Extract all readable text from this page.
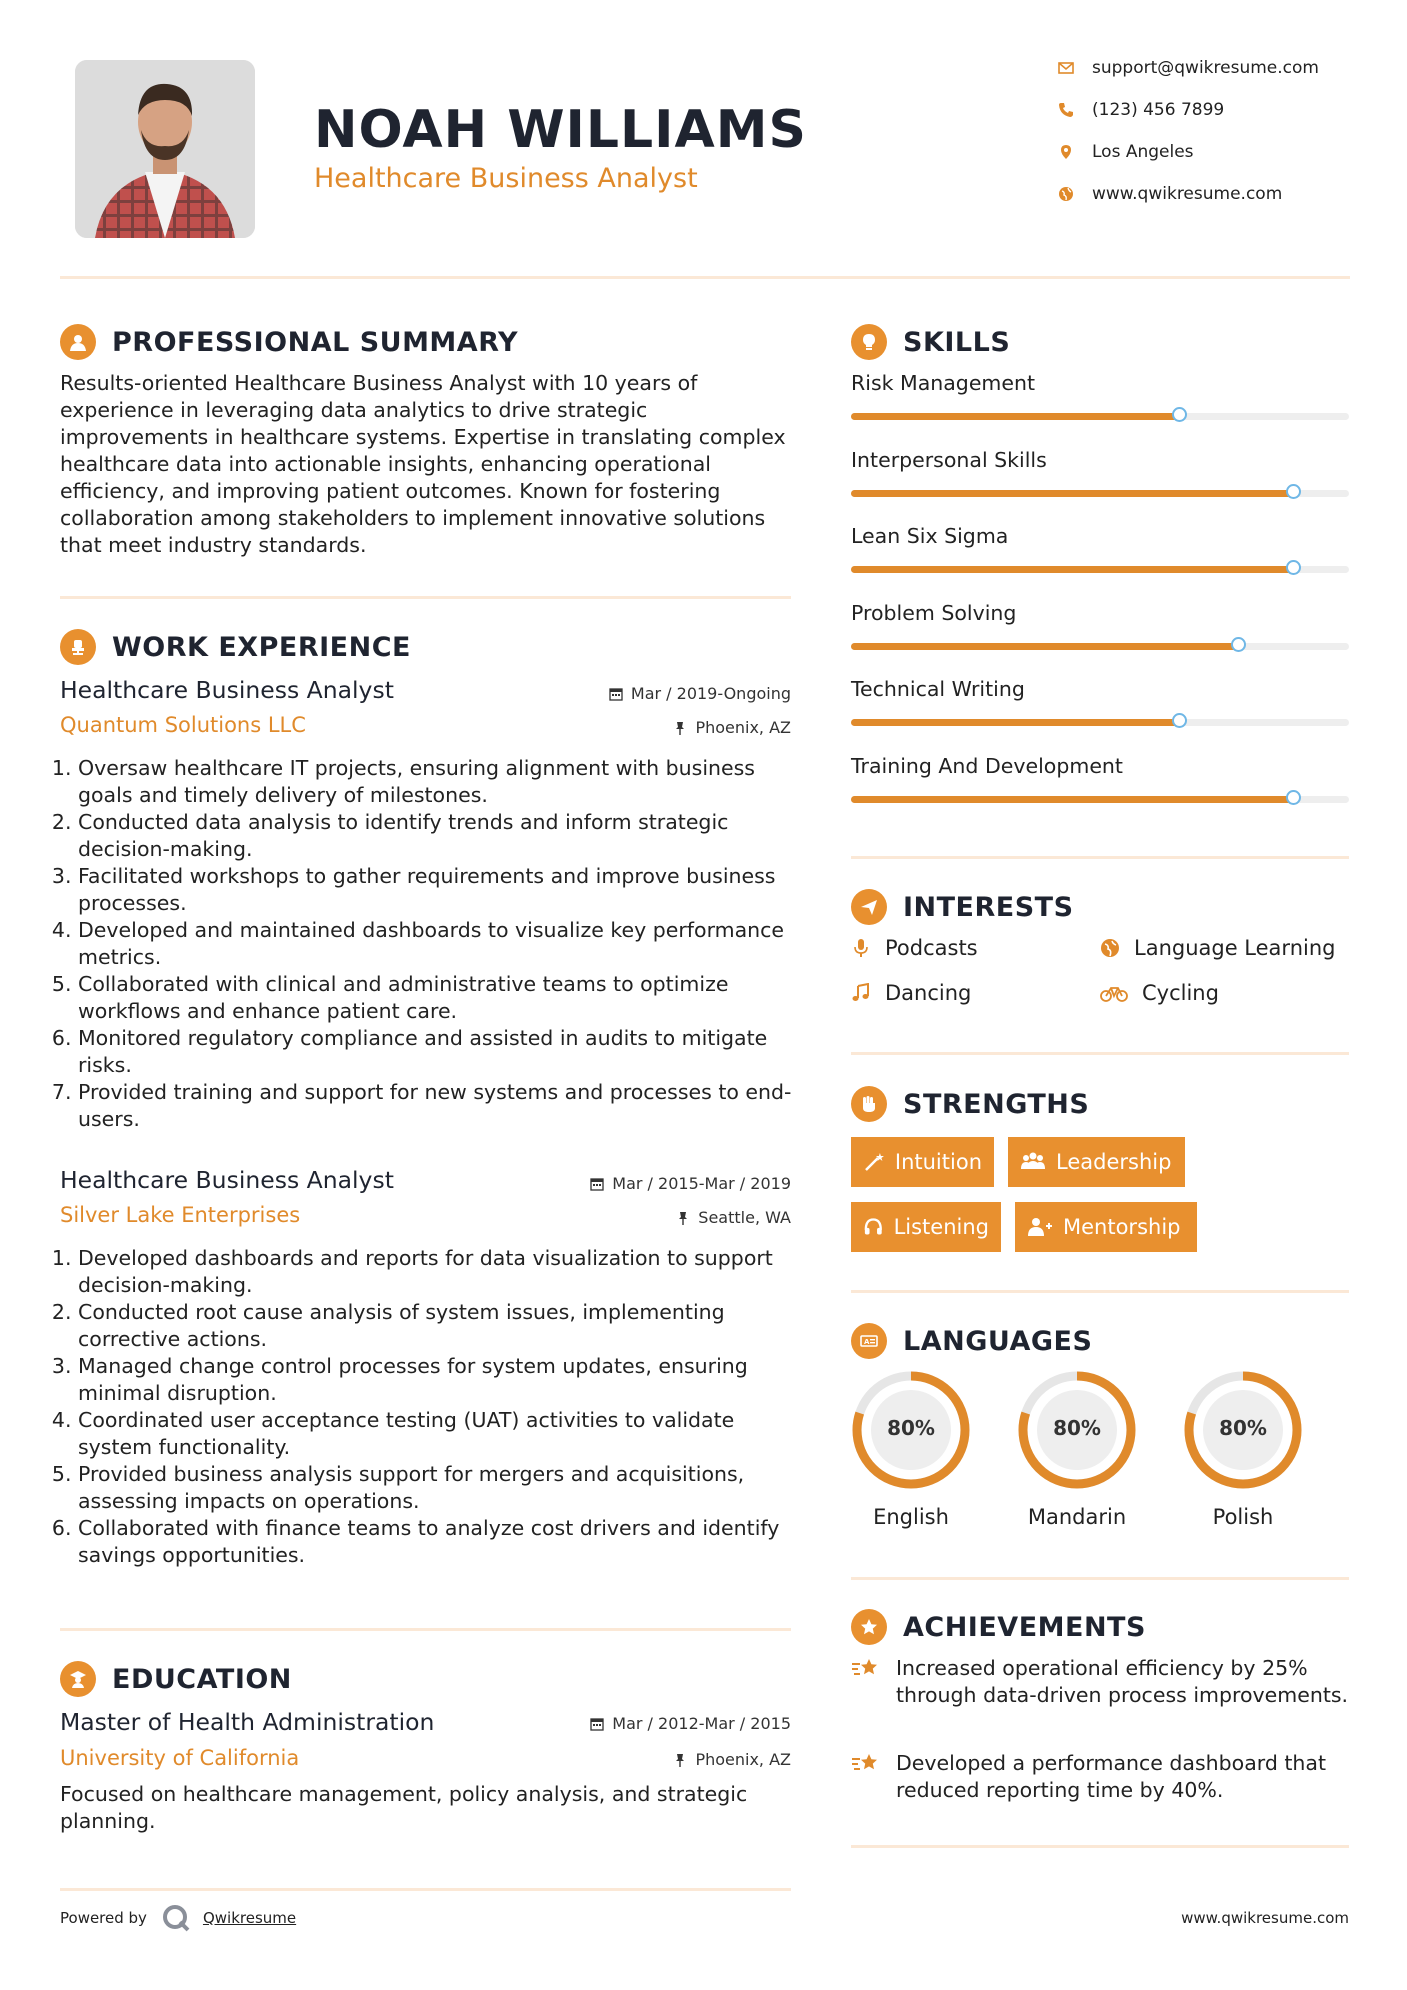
NOAH WILLIAMS
Healthcare Business Analyst
support@qwikresume.com
(123) 456 7899
Los Angeles
www.qwikresume.com
PROFESSIONAL SUMMARY
Results-oriented Healthcare Business Analyst with 10 years of experience in leveraging data analytics to drive strategic improvements in healthcare systems. Expertise in translating complex healthcare data into actionable insights, enhancing operational efficiency, and improving patient outcomes. Known for fostering collaboration among stakeholders to implement innovative solutions that meet industry standards.
WORK EXPERIENCE
Healthcare Business Analyst	Mar / 2019-Ongoing
Quantum Solutions LLC	Phoenix, AZ
1. Oversaw healthcare IT projects, ensuring alignment with business goals and timely delivery of milestones.
2. Conducted data analysis to identify trends and inform strategic decision-making.
3. Facilitated workshops to gather requirements and improve business processes.
4. Developed and maintained dashboards to visualize key performance metrics.
5. Collaborated with clinical and administrative teams to optimize workflows and enhance patient care.
6. Monitored regulatory compliance and assisted in audits to mitigate risks.
7. Provided training and support for new systems and processes to end-users.
Healthcare Business Analyst	Mar / 2015-Mar / 2019
Silver Lake Enterprises	Seattle, WA
1. Developed dashboards and reports for data visualization to support decision-making.
2. Conducted root cause analysis of system issues, implementing corrective actions.
3. Managed change control processes for system updates, ensuring minimal disruption.
4. Coordinated user acceptance testing (UAT) activities to validate system functionality.
5. Provided business analysis support for mergers and acquisitions, assessing impacts on operations.
6. Collaborated with finance teams to analyze cost drivers and identify savings opportunities.
EDUCATION
Master of Health Administration	Mar / 2012-Mar / 2015
University of California	Phoenix, AZ
Focused on healthcare management, policy analysis, and strategic planning.
SKILLS
Risk Management
Interpersonal Skills
Lean Six Sigma
Problem Solving
Technical Writing
Training And Development
INTERESTS
Podcasts	Language Learning
Dancing	Cycling
STRENGTHS
Intuition	Leadership
Listening	Mentorship
A LANGUAGES
80%
English
80%
Mandarin
80%
Polish
ACHIEVEMENTS
Increased operational efficiency by 25% through data-driven process improvements.
Developed a performance dashboard that reduced reporting time by 40%.
Powered by	Qwikresume	www.qwikresume.com
